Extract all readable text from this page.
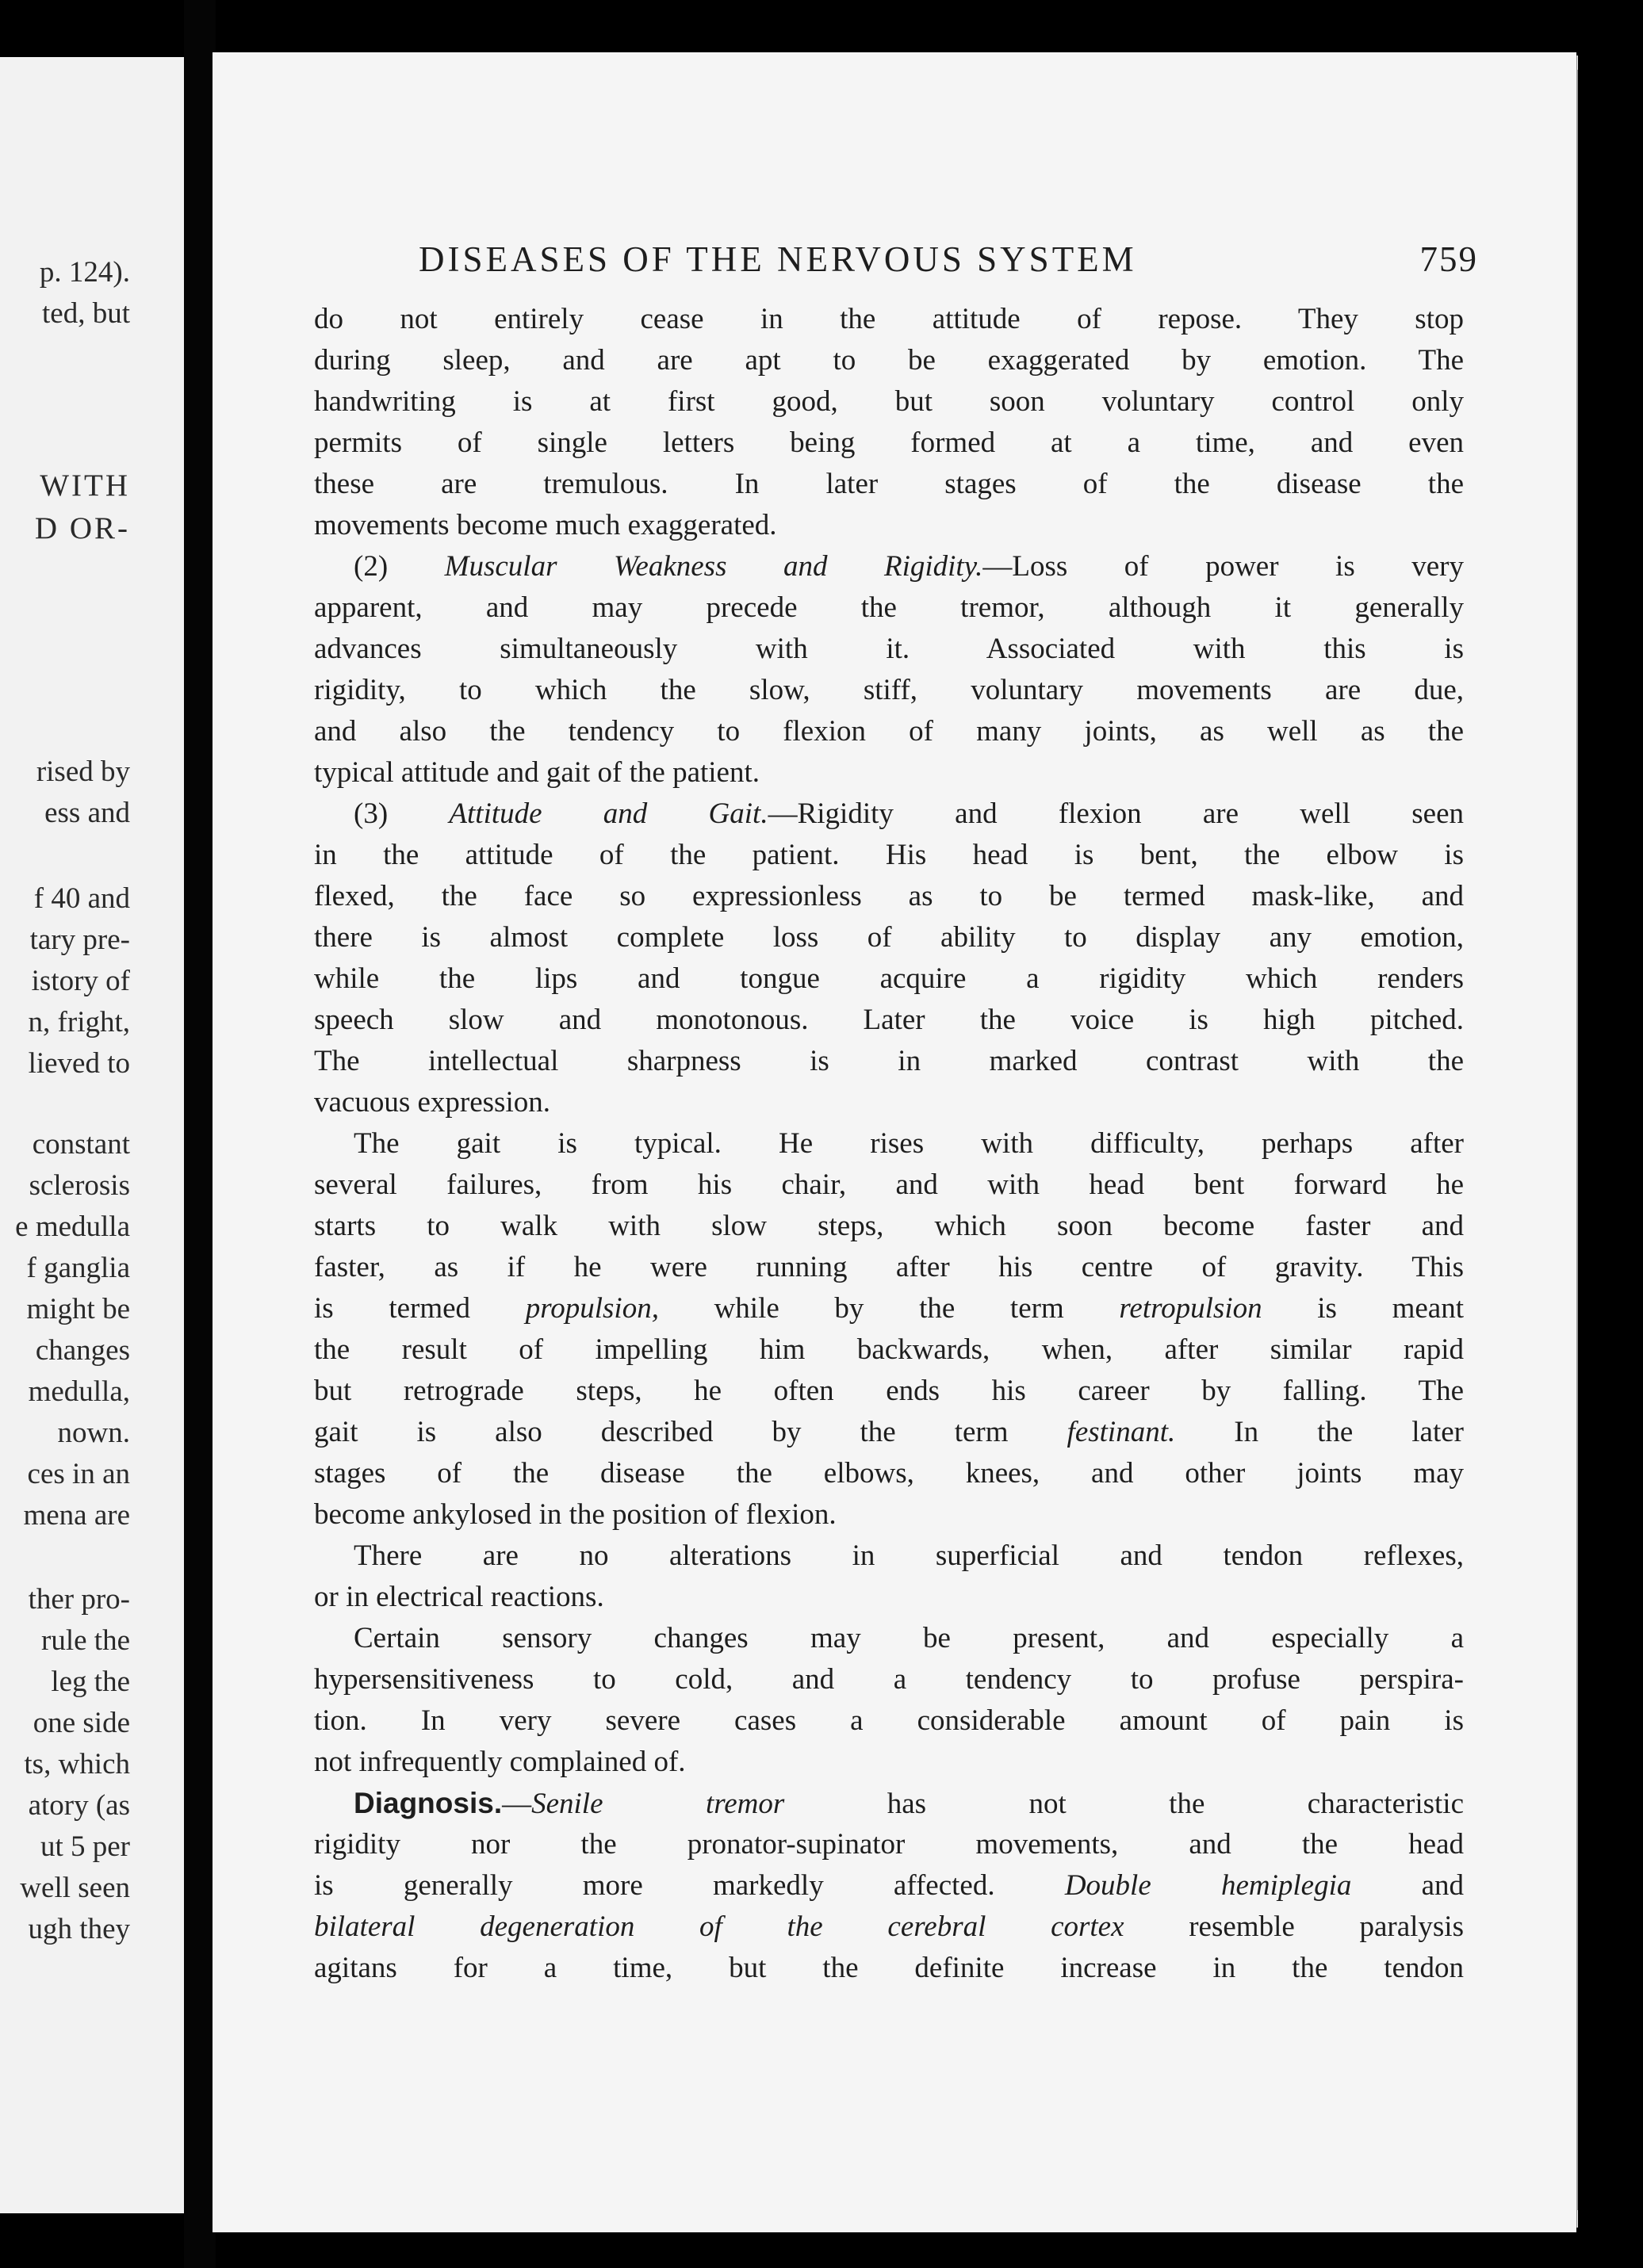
p. 124).
ted, but
WITH
D OR-
rised by
ess and
f 40 and
tary pre-
istory of
n, fright,
lieved to
constant
sclerosis
e medulla
f ganglia
might be
changes
medulla,
nown.
ces in an
mena are
ther pro-
rule the
leg the
one side
ts, which
atory (as
ut 5 per
well seen
ugh they
DISEASES OF THE NERVOUS SYSTEM	759
do not entirely cease in the attitude of repose. They stop
during sleep, and are apt to be exaggerated by emotion. The
handwriting is at first good, but soon voluntary control only
permits of single letters being formed at a time, and even
these are tremulous. In later stages of the disease the
movements become much exaggerated.
(2) Muscular Weakness and Rigidity.—Loss of power is very
apparent, and may precede the tremor, although it generally
advances simultaneously with it. Associated with this is
rigidity, to which the slow, stiff, voluntary movements are due,
and also the tendency to flexion of many joints, as well as the
typical attitude and gait of the patient.
(3) Attitude and Gait.—Rigidity and flexion are well seen
in the attitude of the patient. His head is bent, the elbow is
flexed, the face so expressionless as to be termed mask-like, and
there is almost complete loss of ability to display any emotion,
while the lips and tongue acquire a rigidity which renders
speech slow and monotonous. Later the voice is high pitched.
The intellectual sharpness is in marked contrast with the
vacuous expression.
The gait is typical. He rises with difficulty, perhaps after
several failures, from his chair, and with head bent forward he
starts to walk with slow steps, which soon become faster and
faster, as if he were running after his centre of gravity. This
is termed propulsion, while by the term retropulsion is meant
the result of impelling him backwards, when, after similar rapid
but retrograde steps, he often ends his career by falling. The
gait is also described by the term festinant. In the later
stages of the disease the elbows, knees, and other joints may
become ankylosed in the position of flexion.
There are no alterations in superficial and tendon reflexes,
or in electrical reactions.
Certain sensory changes may be present, and especially a
hypersensitiveness to cold, and a tendency to profuse perspira-
tion. In very severe cases a considerable amount of pain is
not infrequently complained of.
Diagnosis.—Senile tremor has not the characteristic
rigidity nor the pronator-supinator movements, and the head
is generally more markedly affected. Double hemiplegia and
bilateral degeneration of the cerebral cortex resemble paralysis
agitans for a time, but the definite increase in the tendon
